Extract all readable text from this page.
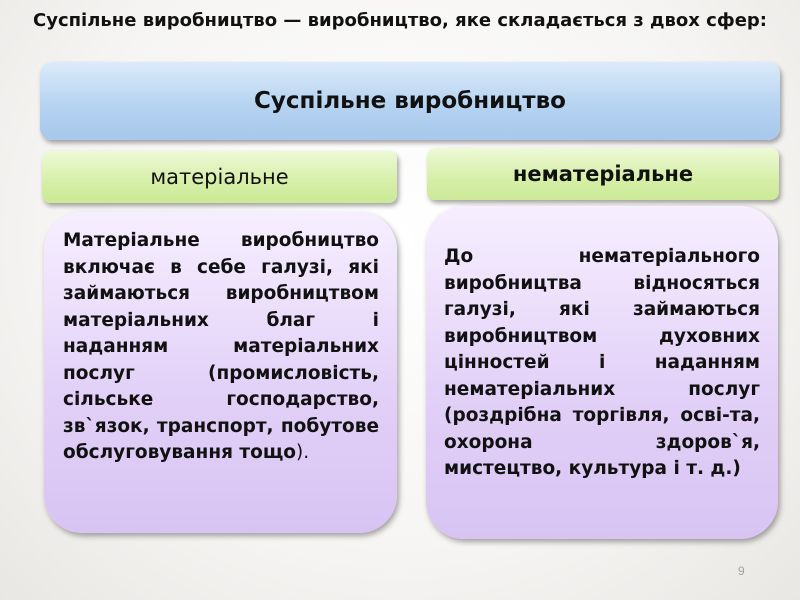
Суспільне виробництво — виробництво, яке складається з двох сфер:
Суспільне виробництво
матеріальне	нематеріальне
Матеріальне виробництво включає в себе галузі, які займаються виробництвом матеріальних благ і наданням матеріальних послуг (промисловість, сільське господарство, зв`язок, транспорт, побутове обслуговування тощо).
До нематеріального виробництва відносяться галузі, які займаються виробництвом духовних цінностей і наданням нематеріальних послуг (роздрібна торгівля, осві-та, охорона здоров`я, мистецтво, культура і т. д.)
9
